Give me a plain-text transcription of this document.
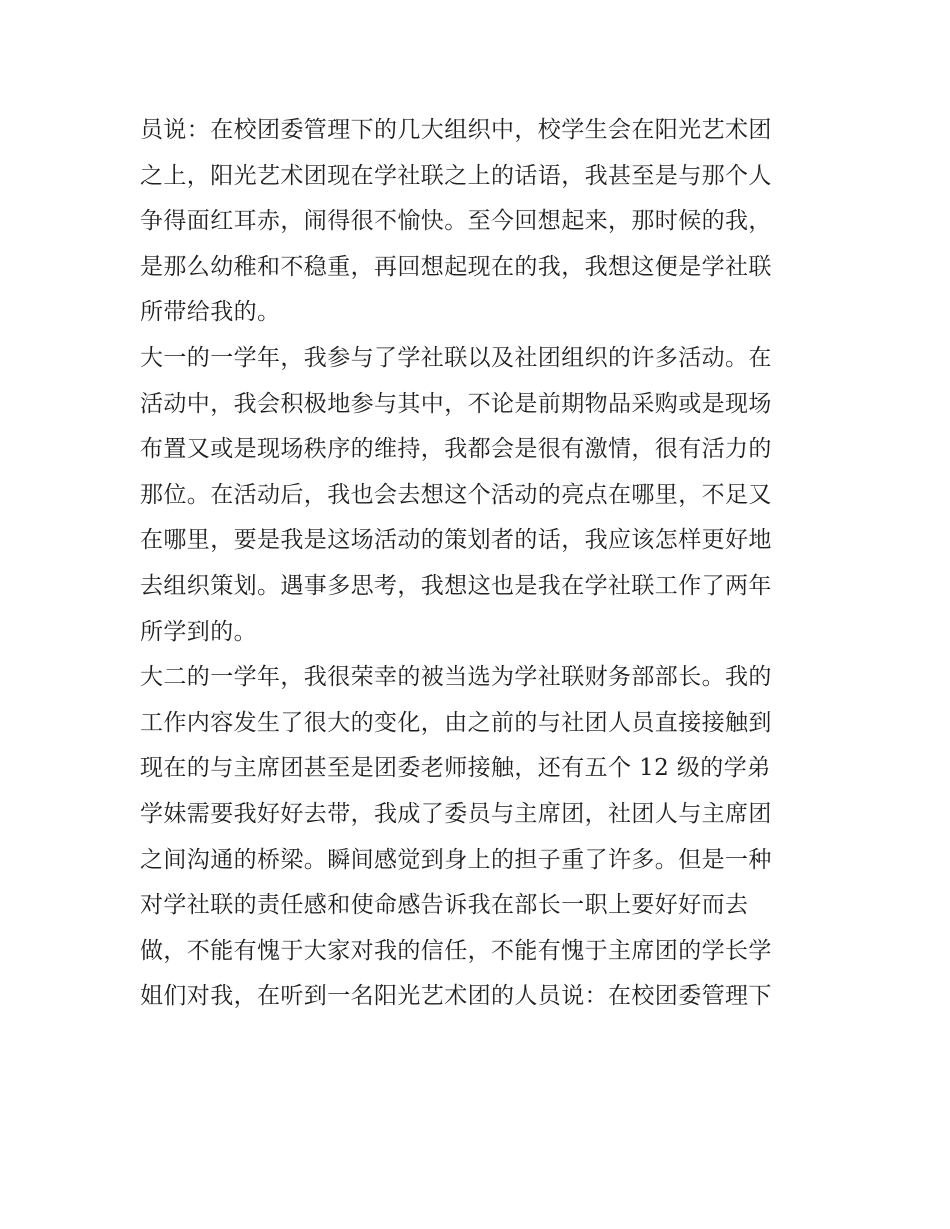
员说：在校团委管理下的几大组织中，校学生会在阳光艺术团
之上，阳光艺术团现在学社联之上的话语，我甚至是与那个人
争得面红耳赤，闹得很不愉快。至今回想起来，那时候的我，
是那么幼稚和不稳重，再回想起现在的我，我想这便是学社联
所带给我的。
大一的一学年，我参与了学社联以及社团组织的许多活动。在
活动中，我会积极地参与其中，不论是前期物品采购或是现场
布置又或是现场秩序的维持，我都会是很有激情，很有活力的
那位。在活动后，我也会去想这个活动的亮点在哪里，不足又
在哪里，要是我是这场活动的策划者的话，我应该怎样更好地
去组织策划。遇事多思考，我想这也是我在学社联工作了两年
所学到的。
大二的一学年，我很荣幸的被当选为学社联财务部部长。我的
工作内容发生了很大的变化，由之前的与社团人员直接接触到
现在的与主席团甚至是团委老师接触，还有五个 12 级的学弟
学妹需要我好好去带，我成了委员与主席团，社团人与主席团
之间沟通的桥梁。瞬间感觉到身上的担子重了许多。但是一种
对学社联的责任感和使命感告诉我在部长一职上要好好而去
做，不能有愧于大家对我的信任，不能有愧于主席团的学长学
姐们对我，在听到一名阳光艺术团的人员说：在校团委管理下
